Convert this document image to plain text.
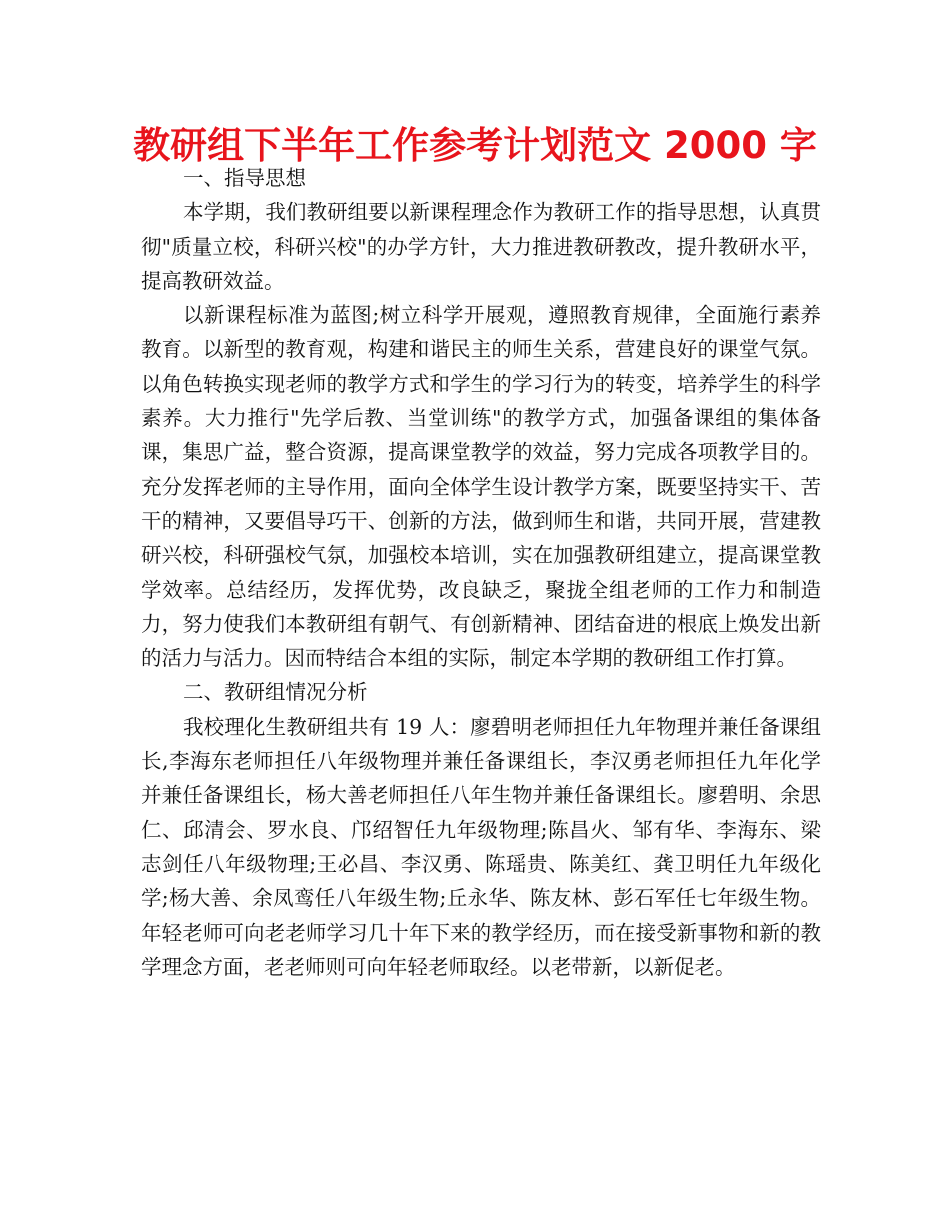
教研组下半年工作参考计划范文 2000 字

一、指导思想

本学期，我们教研组要以新课程理念作为教研工作的指导思想，认真贯彻"质量立校，科研兴校"的办学方针，大力推进教研教改，提升教研水平，提高教研效益。

以新课程标准为蓝图;树立科学开展观，遵照教育规律，全面施行素养教育。以新型的教育观，构建和谐民主的师生关系，营建良好的课堂气氛。以角色转换实现老师的教学方式和学生的学习行为的转变，培养学生的科学素养。大力推行"先学后教、当堂训练"的教学方式，加强备课组的集体备课，集思广益，整合资源，提高课堂教学的效益，努力完成各项教学目的。充分发挥老师的主导作用，面向全体学生设计教学方案，既要坚持实干、苦干的精神，又要倡导巧干、创新的方法，做到师生和谐，共同开展，营建教研兴校，科研强校气氛，加强校本培训，实在加强教研组建立，提高课堂教学效率。总结经历，发挥优势，改良缺乏，聚拢全组老师的工作力和制造力，努力使我们本教研组有朝气、有创新精神、团结奋进的根底上焕发出新的活力与活力。因而特结合本组的实际，制定本学期的教研组工作打算。

二、教研组情况分析

我校理化生教研组共有 19 人：廖碧明老师担任九年物理并兼任备课组长,李海东老师担任八年级物理并兼任备课组长，李汉勇老师担任九年化学并兼任备课组长，杨大善老师担任八年生物并兼任备课组长。廖碧明、余思仁、邱清会、罗水良、邝绍智任九年级物理;陈昌火、邹有华、李海东、梁志剑任八年级物理;王必昌、李汉勇、陈瑶贵、陈美红、龚卫明任九年级化学;杨大善、余凤鸾任八年级生物;丘永华、陈友林、彭石军任七年级生物。年轻老师可向老老师学习几十年下来的教学经历，而在接受新事物和新的教学理念方面，老老师则可向年轻老师取经。以老带新，以新促老。
